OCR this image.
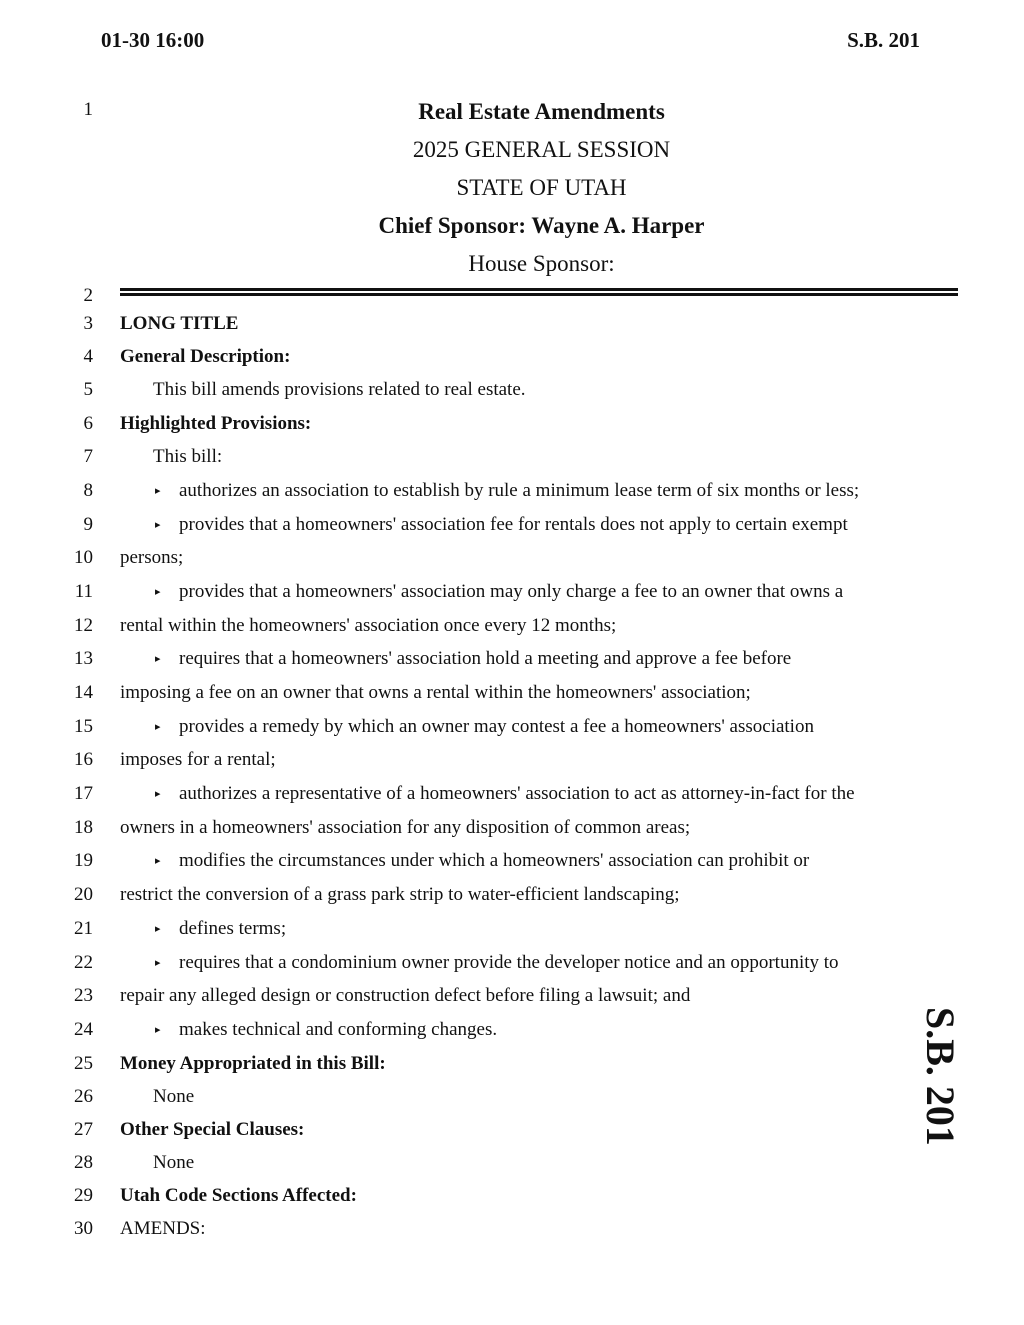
01-30 16:00	S.B. 201
1
2
3
4
5
6
7
8
9
10
11
12
13
14
15
16
17
18
19
20
21
22
23
24
25
26
27
28
29
30
Real Estate Amendments
2025 GENERAL SESSION
STATE OF UTAH
Chief Sponsor: Wayne A. Harper
House Sponsor:
LONG TITLE
General Description:
This bill amends provisions related to real estate.
Highlighted Provisions:
This bill:
▸ authorizes an association to establish by rule a minimum lease term of six months or less;
▸ provides that a homeowners' association fee for rentals does not apply to certain exempt
persons;
▸ provides that a homeowners' association may only charge a fee to an owner that owns a
rental within the homeowners' association once every 12 months;
▸ requires that a homeowners' association hold a meeting and approve a fee before
imposing a fee on an owner that owns a rental within the homeowners' association;
▸ provides a remedy by which an owner may contest a fee a homeowners' association
imposes for a rental;
▸ authorizes a representative of a homeowners' association to act as attorney-in-fact for the
owners in a homeowners' association for any disposition of common areas;
▸ modifies the circumstances under which a homeowners' association can prohibit or
restrict the conversion of a grass park strip to water-efficient landscaping;
▸ defines terms;
▸ requires that a condominium owner provide the developer notice and an opportunity to
repair any alleged design or construction defect before filing a lawsuit; and
▸ makes technical and conforming changes.
Money Appropriated in this Bill:
None
Other Special Clauses:
None
Utah Code Sections Affected:
AMENDS:
S.B. 201
